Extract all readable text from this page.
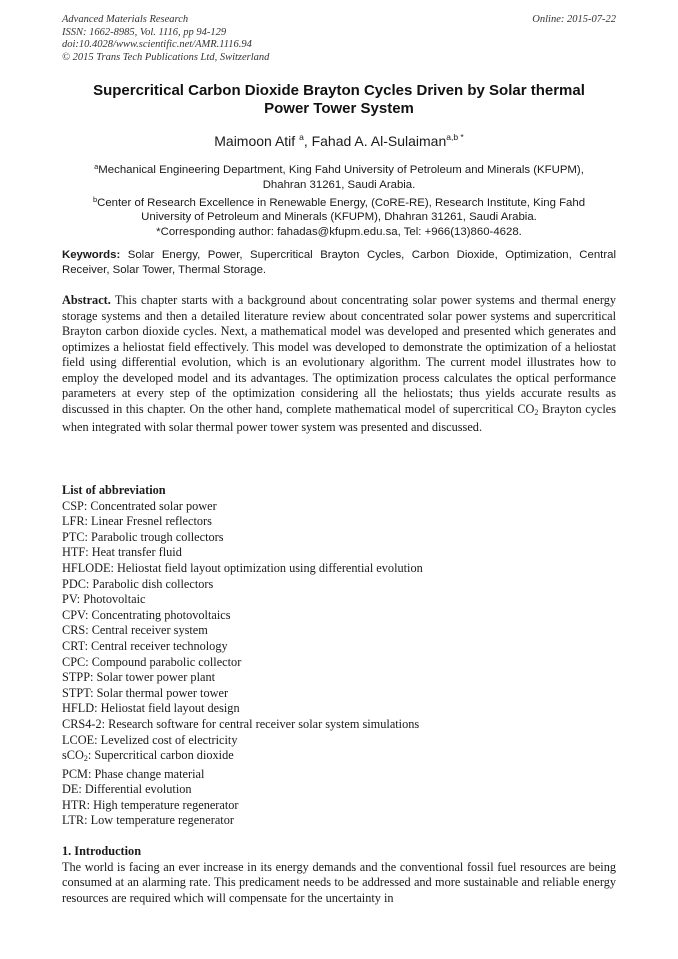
Advanced Materials Research
ISSN: 1662-8985, Vol. 1116, pp 94-129
doi:10.4028/www.scientific.net/AMR.1116.94
© 2015 Trans Tech Publications Ltd, Switzerland
Online: 2015-07-22
Supercritical Carbon Dioxide Brayton Cycles Driven by Solar thermal
Power Tower System
Maimoon Atif $^a$, Fahad A. Al-Sulaiman$^{a,b *}$
$^a$Mechanical Engineering Department, King Fahd University of Petroleum and Minerals (KFUPM),
Dhahran 31261, Saudi Arabia.
$^b$Center of Research Excellence in Renewable Energy, (CoRE-RE), Research Institute, King Fahd
University of Petroleum and Minerals (KFUPM), Dhahran 31261, Saudi Arabia.
*Corresponding author: fahadas@kfupm.edu.sa, Tel: +966(13)860-4628.
Keywords: Solar Energy, Power, Supercritical Brayton Cycles, Carbon Dioxide, Optimization, Central Receiver, Solar Tower, Thermal Storage.
Abstract. This chapter starts with a background about concentrating solar power systems and thermal energy storage systems and then a detailed literature review about concentrated solar power systems and supercritical Brayton carbon dioxide cycles. Next, a mathematical model was developed and presented which generates and optimizes a heliostat field effectively. This model was developed to demonstrate the optimization of a heliostat field using differential evolution, which is an evolutionary algorithm. The current model illustrates how to employ the developed model and its advantages. The optimization process calculates the optical performance parameters at every step of the optimization considering all the heliostats; thus yields accurate results as discussed in this chapter. On the other hand, complete mathematical model of supercritical $CO_2$ Brayton cycles when integrated with solar thermal power tower system was presented and discussed.
List of abbreviation
CSP: Concentrated solar power
LFR: Linear Fresnel reflectors
PTC: Parabolic trough collectors
HTF: Heat transfer fluid
HFLODE: Heliostat field layout optimization using differential evolution
PDC: Parabolic dish collectors
PV: Photovoltaic
CPV: Concentrating photovoltaics
CRS: Central receiver system
CRT: Central receiver technology
CPC: Compound parabolic collector
STPP: Solar tower power plant
STPT: Solar thermal power tower
HFLD: Heliostat field layout design
CRS4-2: Research software for central receiver solar system simulations
LCOE: Levelized cost of electricity
sCO$_2$: Supercritical carbon dioxide
PCM: Phase change material
DE: Differential evolution
HTR: High temperature regenerator
LTR: Low temperature regenerator
1. Introduction
The world is facing an ever increase in its energy demands and the conventional fossil fuel resources are being consumed at an alarming rate. This predicament needs to be addressed and more sustainable and reliable energy resources are required which will compensate for the uncertainty in
